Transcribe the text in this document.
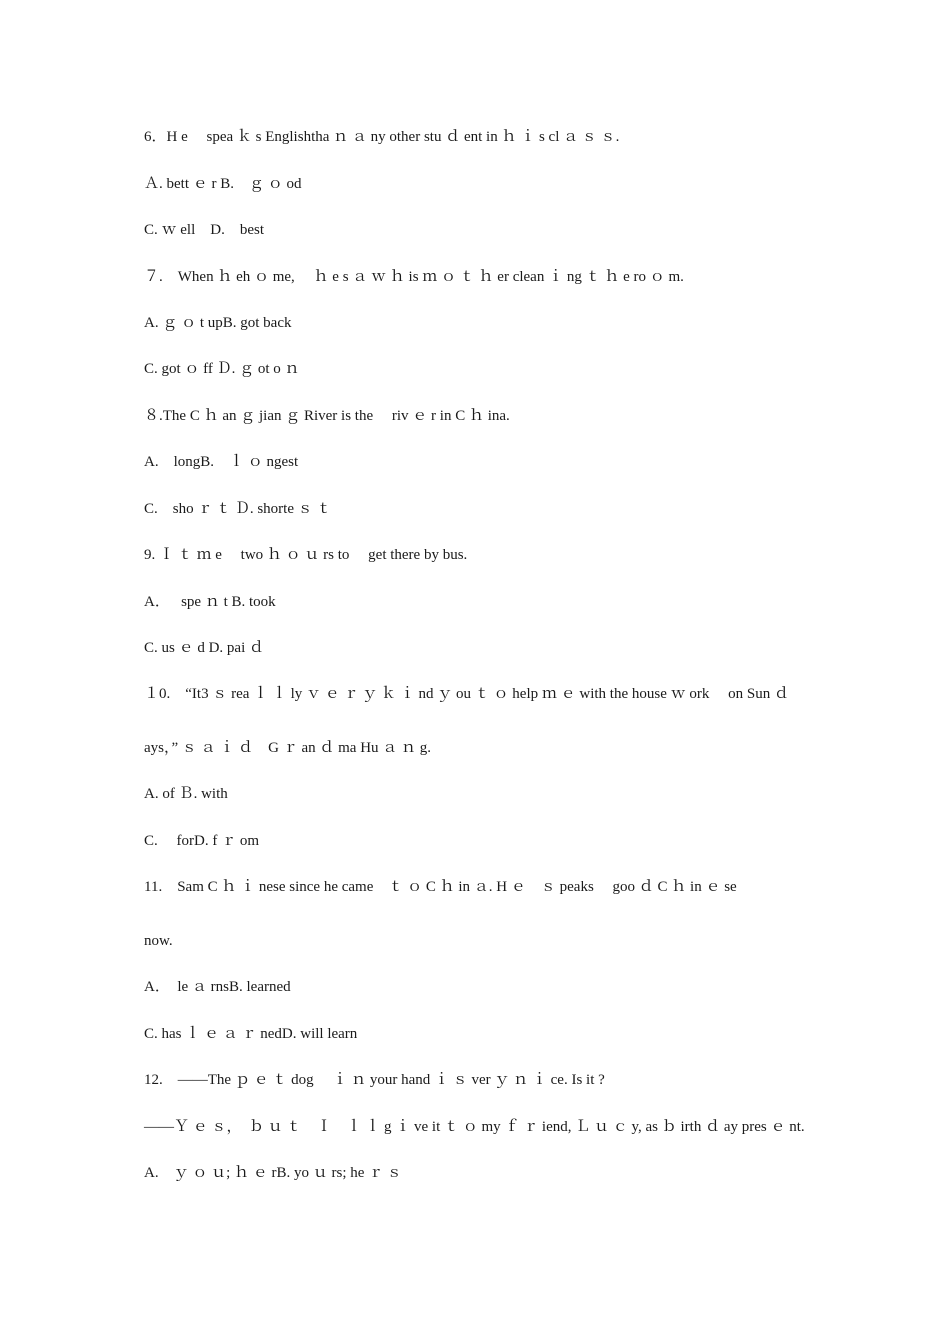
6．H e　 spea ｋ s Englishtha ｎ ａ ny other stu ｄ ent in ｈ ｉ s cl ａ ｓ ｓ.
Ａ. bett ｅ r B.　ｇ ｏ od
C. ｗ ell　D.　best
７.　When ｈ eh ｏ me,　 ｈ e s ａ ｗ ｈ is ｍ ｏ ｔ ｈ er clean ｉ ng ｔ ｈ e ro ｏ m.
A. ｇ ｏ t upB. got back
C. got ｏ ff Ｄ. ｇ ot o ｎ
８.The C ｈ an ｇ jian ｇ River is the　 riv ｅ r in C ｈ ina.
A.　longB.　ｌ ｏ ngest
C.　sho ｒ ｔ Ｄ. shorte ｓ ｔ
9. Ｉ ｔ ｍ e　 two ｈ ｏ ｕ rs to　 get there by bus.
A．　 spe ｎ t B. took
C. us ｅ d D. pai ｄ
１0.　“It3 ｓ rea ｌ ｌ ly ｖ ｅ ｒ ｙ ｋ ｉ nd ｙ ou ｔ ｏ help ｍ ｅ with the house ｗ ork　 on Sun ｄ
ays，” ｓ ａ ｉ ｄ　G ｒ an ｄ ma Hu ａ ｎ g.
A. of Ｂ. with
C.　 forD. f ｒ om
11.　Sam C ｈ ｉ nese since he came　ｔ ｏ C ｈ in ａ. H ｅ　ｓ peaks　 goo ｄ C ｈ in ｅ se
now.
A．　le ａ rnsB. learned
C. has ｌ ｅ ａ ｒ nedD. will learn
12.　——The ｐ ｅ ｔ dog　 ｉ ｎ your hand ｉ ｓ ver ｙ ｎ ｉ ce. Is it ?
——Ｙ ｅ ｓ，　ｂ ｕ ｔ　Ｉ　ｌ ｌ g ｉ ve it ｔ ｏ my ｆ ｒ iend, Ｌ ｕ ｃ y, as ｂ irth ｄ ay pres ｅ nt.
A.　ｙ ｏ ｕ; ｈ ｅ rB. yo ｕ rs; he ｒ ｓ
